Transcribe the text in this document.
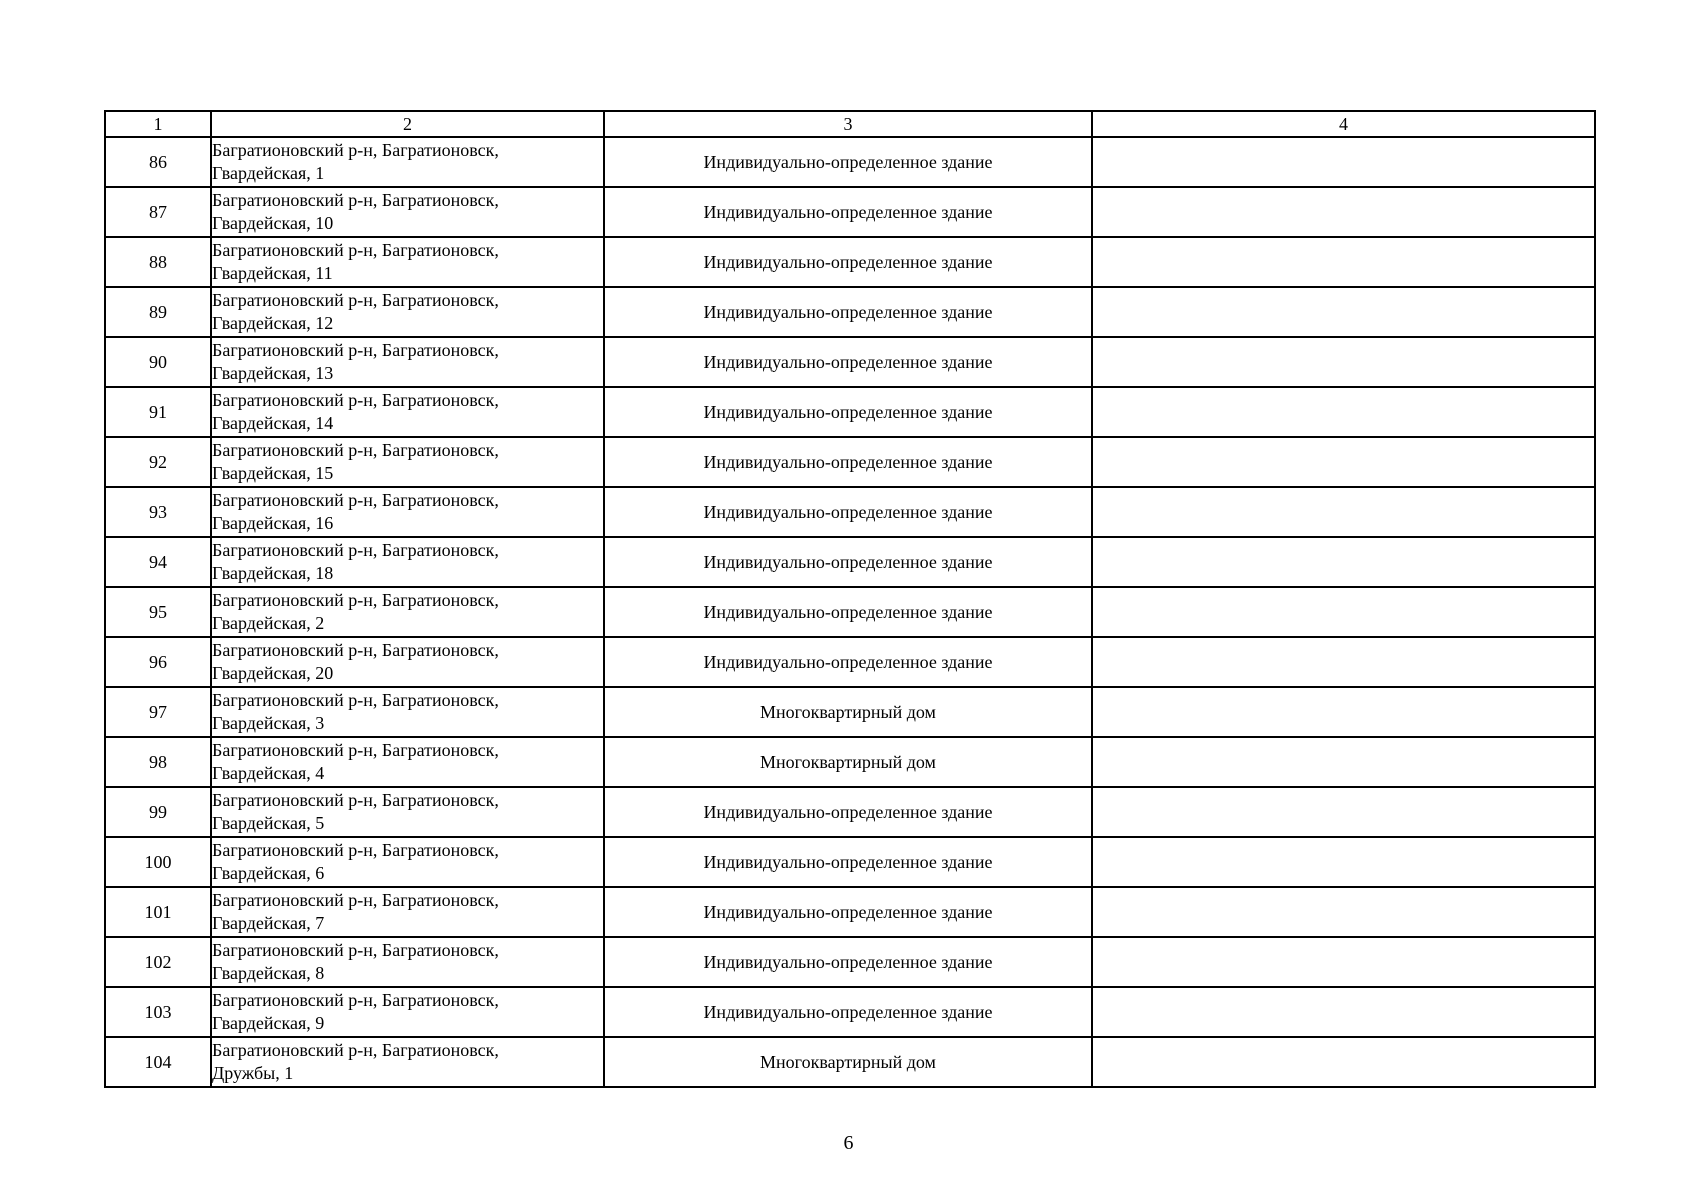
1	2	3	4
86	Багратионовский р-н, Багратионовск,
Гвардейская, 1	Индивидуально-определенное здание	
87	Багратионовский р-н, Багратионовск,
Гвардейская, 10	Индивидуально-определенное здание	
88	Багратионовский р-н, Багратионовск,
Гвардейская, 11	Индивидуально-определенное здание	
89	Багратионовский р-н, Багратионовск,
Гвардейская, 12	Индивидуально-определенное здание	
90	Багратионовский р-н, Багратионовск,
Гвардейская, 13	Индивидуально-определенное здание	
91	Багратионовский р-н, Багратионовск,
Гвардейская, 14	Индивидуально-определенное здание	
92	Багратионовский р-н, Багратионовск,
Гвардейская, 15	Индивидуально-определенное здание	
93	Багратионовский р-н, Багратионовск,
Гвардейская, 16	Индивидуально-определенное здание	
94	Багратионовский р-н, Багратионовск,
Гвардейская, 18	Индивидуально-определенное здание	
95	Багратионовский р-н, Багратионовск,
Гвардейская, 2	Индивидуально-определенное здание	
96	Багратионовский р-н, Багратионовск,
Гвардейская, 20	Индивидуально-определенное здание	
97	Багратионовский р-н, Багратионовск,
Гвардейская, 3	Многоквартирный дом	
98	Багратионовский р-н, Багратионовск,
Гвардейская, 4	Многоквартирный дом	
99	Багратионовский р-н, Багратионовск,
Гвардейская, 5	Индивидуально-определенное здание	
100	Багратионовский р-н, Багратионовск,
Гвардейская, 6	Индивидуально-определенное здание	
101	Багратионовский р-н, Багратионовск,
Гвардейская, 7	Индивидуально-определенное здание	
102	Багратионовский р-н, Багратионовск,
Гвардейская, 8	Индивидуально-определенное здание	
103	Багратионовский р-н, Багратионовск,
Гвардейская, 9	Индивидуально-определенное здание	
104	Багратионовский р-н, Багратионовск,
Дружбы, 1	Многоквартирный дом	
6
